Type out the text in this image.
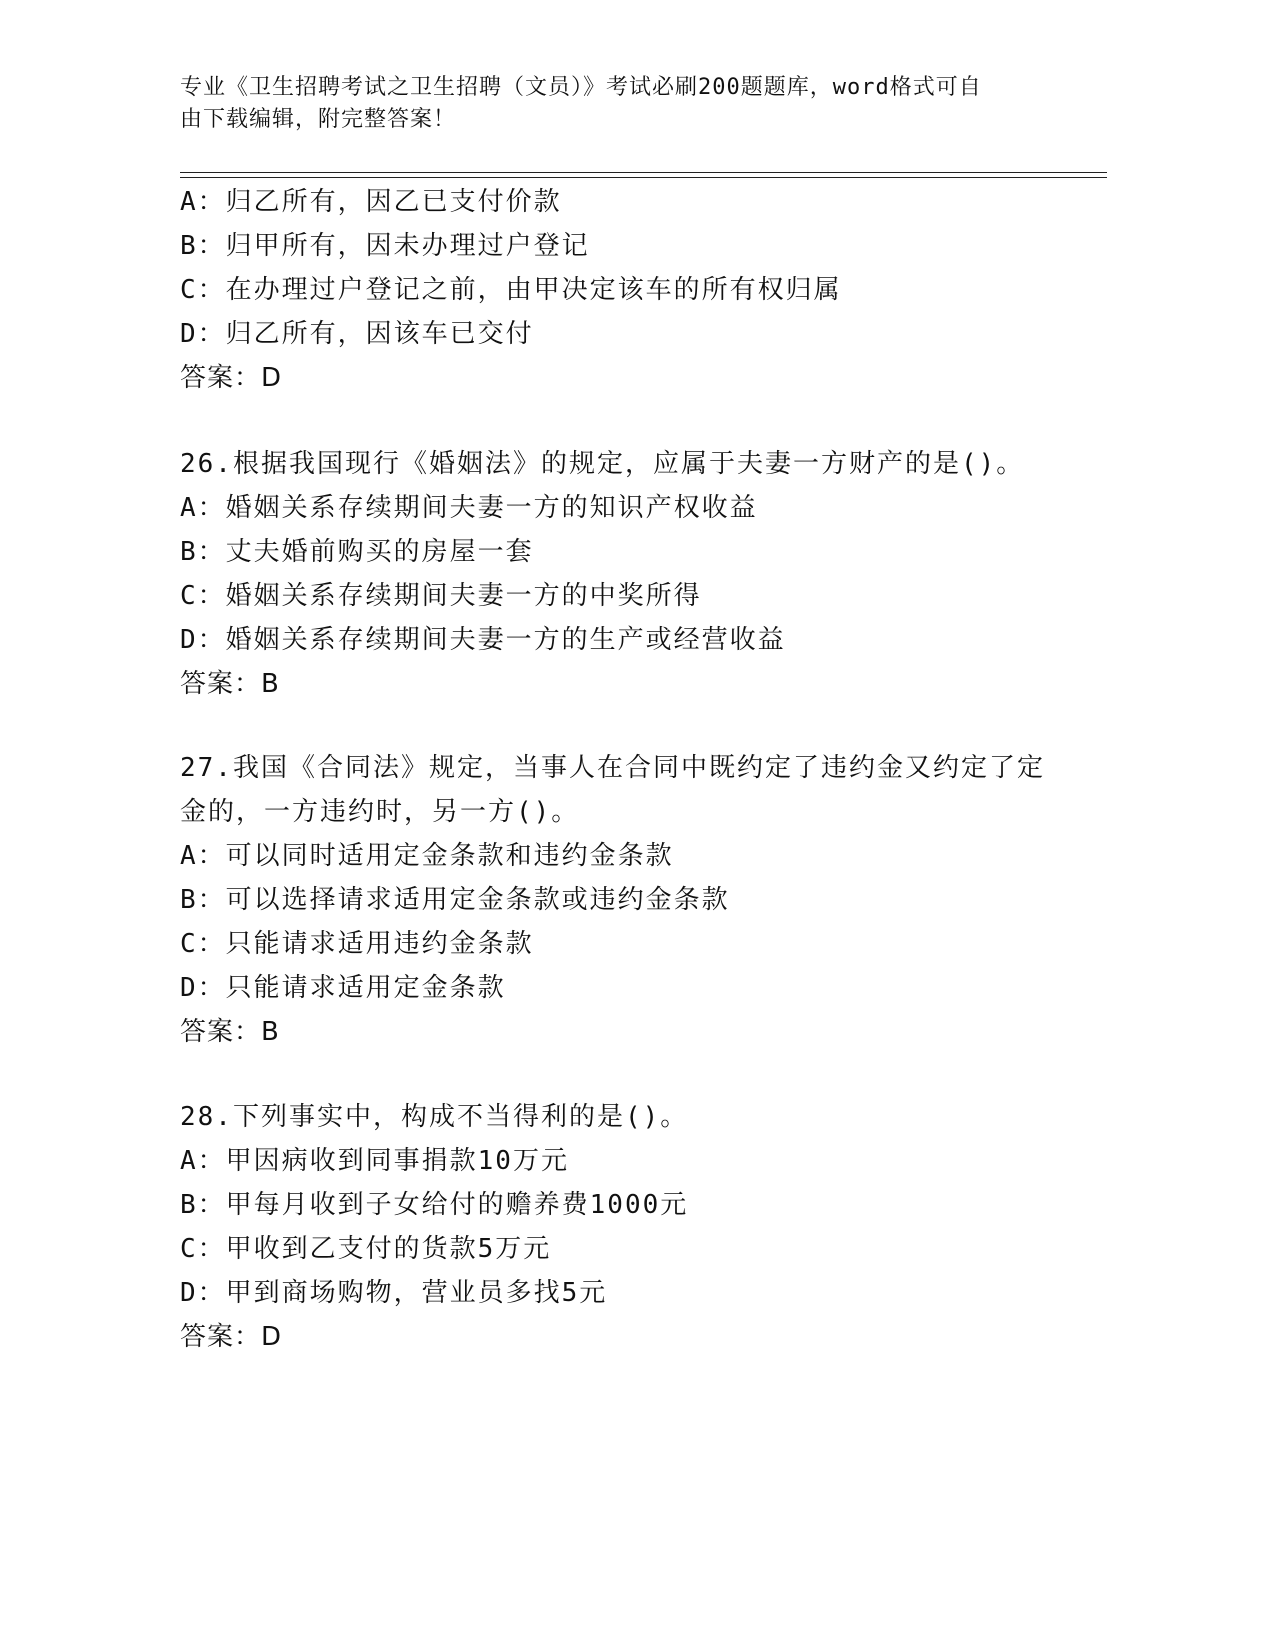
专业《卫生招聘考试之卫生招聘（文员）》考试必刷200题题库，word格式可自
由下载编辑，附完整答案！
A：归乙所有，因乙已支付价款
B：归甲所有，因未办理过户登记
C：在办理过户登记之前，由甲决定该车的所有权归属
D：归乙所有，因该车已交付
答案：D
26.根据我国现行《婚姻法》的规定，应属于夫妻一方财产的是()。
A：婚姻关系存续期间夫妻一方的知识产权收益
B：丈夫婚前购买的房屋一套
C：婚姻关系存续期间夫妻一方的中奖所得
D：婚姻关系存续期间夫妻一方的生产或经营收益
答案：B
27.我国《合同法》规定，当事人在合同中既约定了违约金又约定了定
金的，一方违约时，另一方()。
A：可以同时适用定金条款和违约金条款
B：可以选择请求适用定金条款或违约金条款
C：只能请求适用违约金条款
D：只能请求适用定金条款
答案：B
28.下列事实中，构成不当得利的是()。
A：甲因病收到同事捐款10万元
B：甲每月收到子女给付的赡养费1000元
C：甲收到乙支付的货款5万元
D：甲到商场购物，营业员多找5元
答案：D
